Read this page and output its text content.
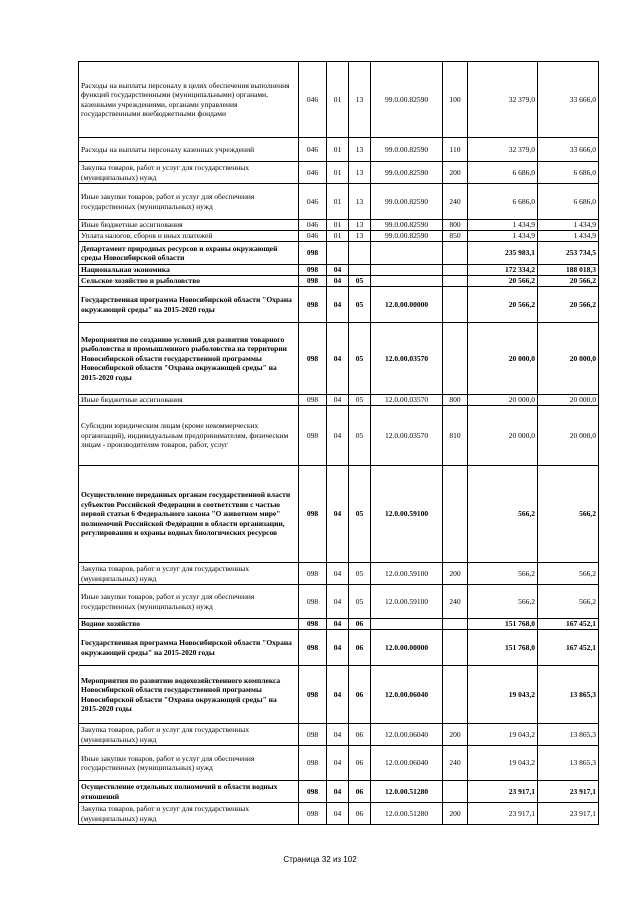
Расходы на выплаты персоналу в целях обеспечения выполнения функций государственными (муниципальными) органами, казенными учреждениями, органами управления государственными внебюджетными фондами	046	01	13	99.0.00.82590	100	32 379,0	33 666,0
Расходы на выплаты персоналу казенных учреждений	046	01	13	99.0.00.82590	110	32 379,0	33 666,0
Закупка товаров, работ и услуг для государственных (муниципальных) нужд	046	01	13	99.0.00.82590	200	6 686,0	6 686,0
Иные закупки товаров, работ и услуг для обеспечения государственных (муниципальных) нужд	046	01	13	99.0.00.82590	240	6 686,0	6 686,0
Иные бюджетные ассигнования	046	01	13	99.0.00.82590	800	1 434,9	1 434,9
Уплата налогов, сборов и иных платежей	046	01	13	99.0.00.82590	850	1 434,9	1 434,9
Департамент природных ресурсов и охраны окружающей среды Новосибирской области	098					235 983,1	253 734,5
Национальная экономика	098	04				172 334,2	188 018,3
Сельское хозяйство и рыболовство	098	04	05			20 566,2	20 566,2
Государственная программа Новосибирской области "Охрана окружающей среды" на 2015-2020 годы	098	04	05	12.0.00.00000		20 566,2	20 566,2
Мероприятия по созданию условий для развития товарного рыболовства и промышленного рыболовства на территории Новосибирской области государственной программы Новосибирской области "Охрана окружающей среды" на 2015-2020 годы	098	04	05	12.0.00.03570		20 000,0	20 000,0
Иные бюджетные ассигнования	098	04	05	12.0.00.03570	800	20 000,0	20 000,0
Субсидии юридическим лицам (кроме некоммерческих организаций), индивидуальным предпринимателям, физическим лицам - производителям товаров, работ, услуг	098	04	05	12.0.00.03570	810	20 000,0	20 000,0
Осуществление переданных органам государственной власти субъектов Российской Федерации в соответствии с частью первой статьи 6 Федерального закона "О животном мире" полномочий Российской Федерации в области организации, регулирования и охраны водных биологических ресурсов	098	04	05	12.0.00.59100		566,2	566,2
Закупка товаров, работ и услуг для государственных (муниципальных) нужд	098	04	05	12.0.00.59100	200	566,2	566,2
Иные закупки товаров, работ и услуг для обеспечения государственных (муниципальных) нужд	098	04	05	12.0.00.59100	240	566,2	566,2
Водное хозяйство	098	04	06			151 768,0	167 452,1
Государственная программа Новосибирской области "Охрана окружающей среды" на 2015-2020 годы	098	04	06	12.0.00.00000		151 768,0	167 452,1
Мероприятия по развитию водохозяйственного комплекса Новосибирской области государственной программы Новосибирской области "Охрана окружающей среды" на 2015-2020 годы	098	04	06	12.0.00.06040		19 043,2	13 865,3
Закупка товаров, работ и услуг для государственных (муниципальных) нужд	098	04	06	12.0.00.06040	200	19 043,2	13 865,3
Иные закупки товаров, работ и услуг для обеспечения государственных (муниципальных) нужд	098	04	06	12.0.00.06040	240	19 043,2	13 865,3
Осуществление отдельных полномочий в области водных отношений	098	04	06	12.0.00.51280		23 917,1	23 917,1
Закупка товаров, работ и услуг для государственных (муниципальных) нужд	098	04	06	12.0.00.51280	200	23 917,1	23 917,1
Страница 32 из 102
